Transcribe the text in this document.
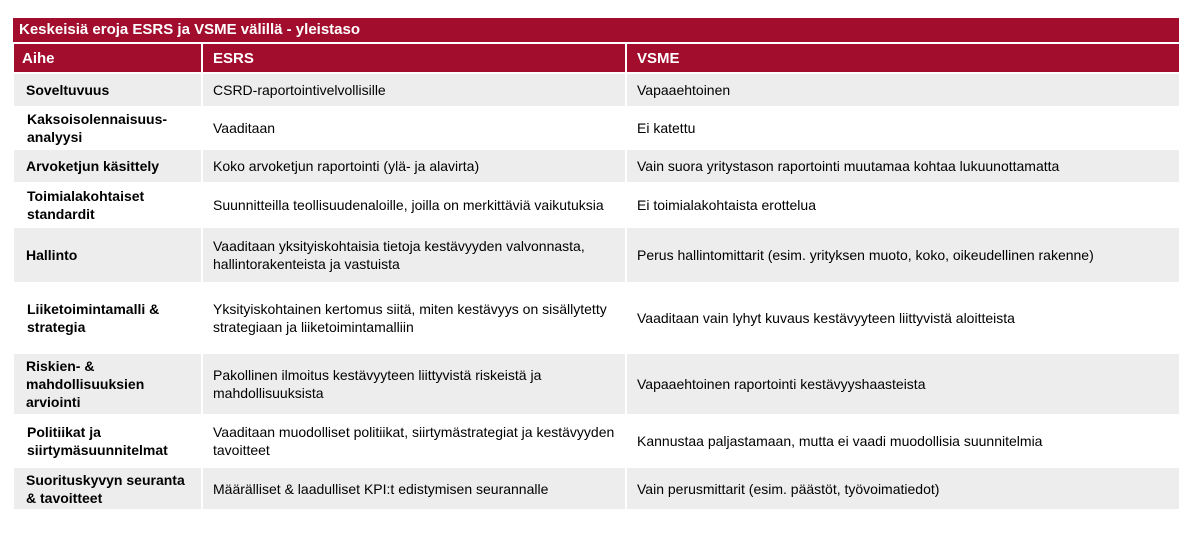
Keskeisiä eroja ESRS ja VSME välillä - yleistaso
Aihe	ESRS	VSME
Soveltuvuus	CSRD-raportointivelvollisille	Vapaaehtoinen
Kaksoisolennaisuus-analyysi	Vaaditaan	Ei katettu
Arvoketjun käsittely	Koko arvoketjun raportointi (ylä- ja alavirta)	Vain suora yritystason raportointi muutamaa kohtaa lukuunottamatta
Toimialakohtaiset standardit	Suunnitteilla teollisuudenaloille, joilla on merkittäviä vaikutuksia	Ei toimialakohtaista erottelua
Hallinto	Vaaditaan yksityiskohtaisia tietoja kestävyyden valvonnasta, hallintorakenteista ja vastuista	Perus hallintomittarit (esim. yrityksen muoto, koko, oikeudellinen rakenne)
Liiketoimintamalli & strategia	Yksityiskohtainen kertomus siitä, miten kestävyys on sisällytetty strategiaan ja liiketoimintamalliin	Vaaditaan vain lyhyt kuvaus kestävyyteen liittyvistä aloitteista
Riskien- & mahdollisuuksien arviointi	Pakollinen ilmoitus kestävyyteen liittyvistä riskeistä ja mahdollisuuksista	Vapaaehtoinen raportointi kestävyyshaasteista
Politiikat ja siirtymäsuunnitelmat	Vaaditaan muodolliset politiikat, siirtymästrategiat ja kestävyyden tavoitteet	Kannustaa paljastamaan, mutta ei vaadi muodollisia suunnitelmia
Suorituskyvyn seuranta & tavoitteet	Määrälliset & laadulliset KPI:t edistymisen seurannalle	Vain perusmittarit (esim. päästöt, työvoimatiedot)
